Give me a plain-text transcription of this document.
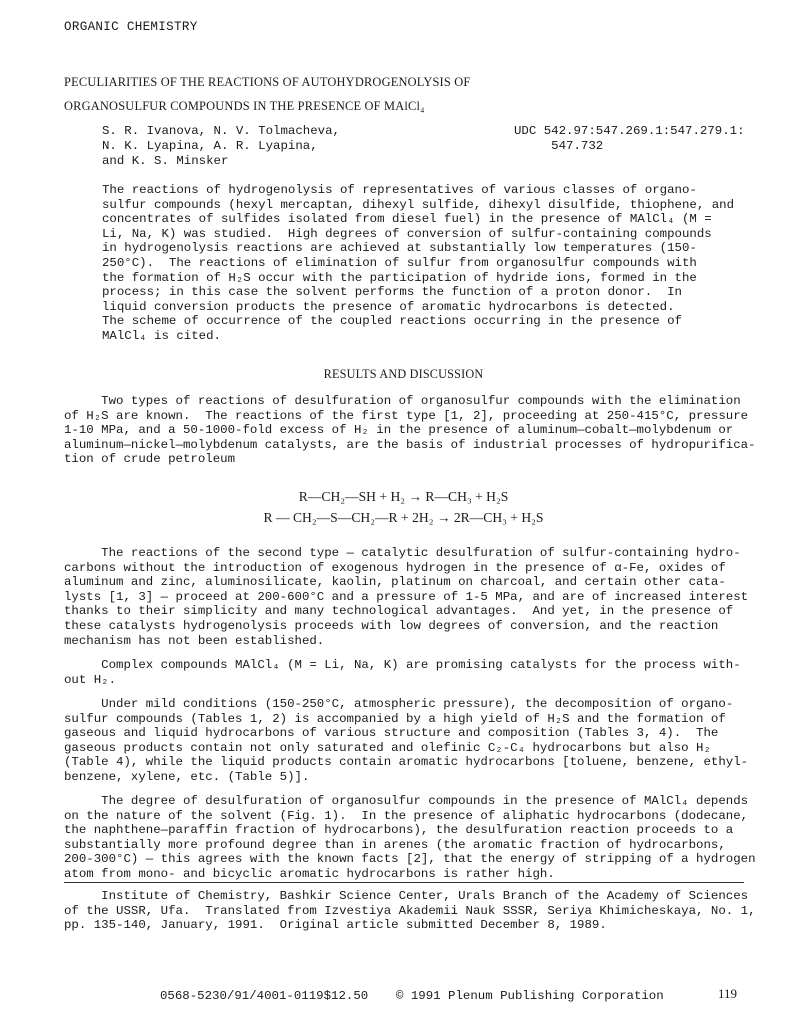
ORGANIC CHEMISTRY
PECULIARITIES OF THE REACTIONS OF AUTOHYDROGENOLYSIS OF
ORGANOSULFUR COMPOUNDS IN THE PRESENCE OF MAlCl₄
S. R. Ivanova, N. V. Tolmacheva,
N. K. Lyapina, A. R. Lyapina,
and K. S. Minsker
UDC 542.97:547.269.1:547.279.1:
547.732
The reactions of hydrogenolysis of representatives of various classes of organo-
sulfur compounds (hexyl mercaptan, dihexyl sulfide, dihexyl disulfide, thiophene, and
concentrates of sulfides isolated from diesel fuel) in the presence of MAlCl₄ (M =
Li, Na, K) was studied.  High degrees of conversion of sulfur-containing compounds
in hydrogenolysis reactions are achieved at substantially low temperatures (150-
250°C).  The reactions of elimination of sulfur from organosulfur compounds with
the formation of H₂S occur with the participation of hydride ions, formed in the
process; in this case the solvent performs the function of a proton donor.  In
liquid conversion products the presence of aromatic hydrocarbons is detected.
The scheme of occurrence of the coupled reactions occurring in the presence of
MAlCl₄ is cited.
RESULTS AND DISCUSSION
Two types of reactions of desulfuration of organosulfur compounds with the elimination
of H₂S are known.  The reactions of the first type [1, 2], proceeding at 250-415°C, pressure
1-10 MPa, and a 50-1000-fold excess of H₂ in the presence of aluminum—cobalt—molybdenum or
aluminum—nickel—molybdenum catalysts, are the basis of industrial processes of hydropurifica-
tion of crude petroleum
R—CH₂—SH + H₂ → R—CH₃ + H₂S
R — CH₂—S—CH₂—R + 2H₂ → 2R—CH₃ + H₂S
The reactions of the second type — catalytic desulfuration of sulfur-containing hydro-
carbons without the introduction of exogenous hydrogen in the presence of α-Fe, oxides of
aluminum and zinc, aluminosilicate, kaolin, platinum on charcoal, and certain other cata-
lysts [1, 3] — proceed at 200-600°C and a pressure of 1-5 MPa, and are of increased interest
thanks to their simplicity and many technological advantages.  And yet, in the presence of
these catalysts hydrogenolysis proceeds with low degrees of conversion, and the reaction
mechanism has not been established.
Complex compounds MAlCl₄ (M = Li, Na, K) are promising catalysts for the process with-
out H₂.
Under mild conditions (150-250°C, atmospheric pressure), the decomposition of organo-
sulfur compounds (Tables 1, 2) is accompanied by a high yield of H₂S and the formation of
gaseous and liquid hydrocarbons of various structure and composition (Tables 3, 4).  The
gaseous products contain not only saturated and olefinic C₂-C₄ hydrocarbons but also H₂
(Table 4), while the liquid products contain aromatic hydrocarbons [toluene, benzene, ethyl-
benzene, xylene, etc. (Table 5)].
The degree of desulfuration of organosulfur compounds in the presence of MAlCl₄ depends
on the nature of the solvent (Fig. 1).  In the presence of aliphatic hydrocarbons (dodecane,
the naphthene—paraffin fraction of hydrocarbons), the desulfuration reaction proceeds to a
substantially more profound degree than in arenes (the aromatic fraction of hydrocarbons,
200-300°C) — this agrees with the known facts [2], that the energy of stripping of a hydrogen
atom from mono- and bicyclic aromatic hydrocarbons is rather high.
Institute of Chemistry, Bashkir Science Center, Urals Branch of the Academy of Sciences
of the USSR, Ufa.  Translated from Izvestiya Akademii Nauk SSSR, Seriya Khimicheskaya, No. 1,
pp. 135-140, January, 1991.  Original article submitted December 8, 1989.
0568-5230/91/4001-0119$12.50 © 1991 Plenum Publishing Corporation	119
